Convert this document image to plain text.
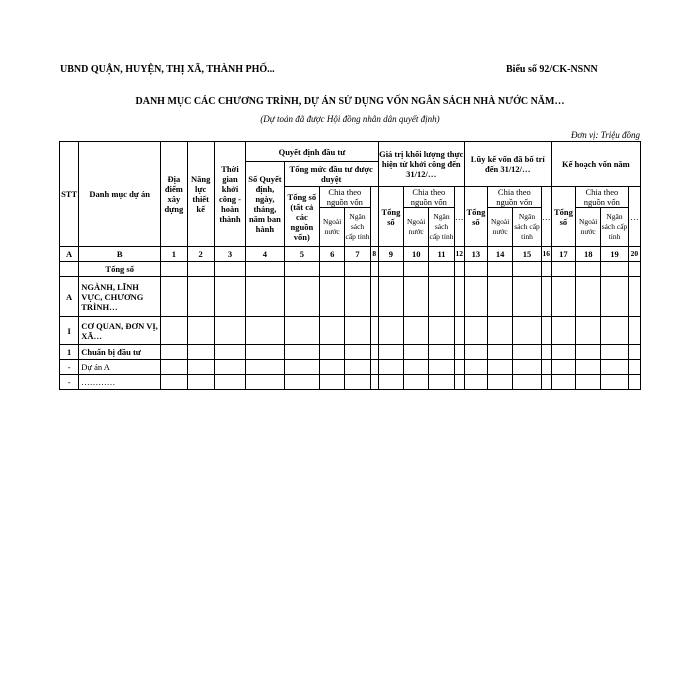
UBND QUẬN, HUYỆN, THỊ XÃ, THÀNH PHỐ...	Biểu số 92/CK-NSNN
DANH MỤC CÁC CHƯƠNG TRÌNH, DỰ ÁN SỬ DỤNG VỐN NGÂN SÁCH NHÀ NƯỚC NĂM…
(Dự toán đã được Hội đồng nhân dân quyết định)
Đơn vị: Triệu đồng
STT	Danh mục dự án	Địa điểm xây dựng	Năng lực thiết kế	Thời gian khởi công - hoàn thành	Quyết định đầu tư					Giá trị khối lượng thực hiện từ khởi công đến 31/12/…				Lũy kế vốn đã bố trí đến 31/12/…				Kế hoạch vốn năm			
					Số Quyết định, ngày, tháng, năm ban hành	Tổng mức đầu tư được duyệt															
						Tổng số (tất cả các nguồn vốn)	Chia theo nguồn vốn			Tổng số	Chia theo nguồn vốn		…	Tổng số	Chia theo nguồn vốn		…	Tổng số	Chia theo nguồn vốn		…
							Ngoài nước	Ngân sách cấp tỉnh			Ngoài nước	Ngân sách cấp tỉnh			Ngoài nước	Ngân sách cấp tỉnh			Ngoài nước	Ngân sách cấp tỉnh	
A	B	1	2	3	4	5	6	7	8	9	10	11	12	13	14	15	16	17	18	19	20
	Tổng số																				
A	NGÀNH, LĨNH VỰC, CHƯƠNG TRÌNH…																				
I	CƠ QUAN, ĐƠN VỊ, XÃ…																				
1	Chuẩn bị đầu tư																				
-	Dự án A																				
-	…………																				
